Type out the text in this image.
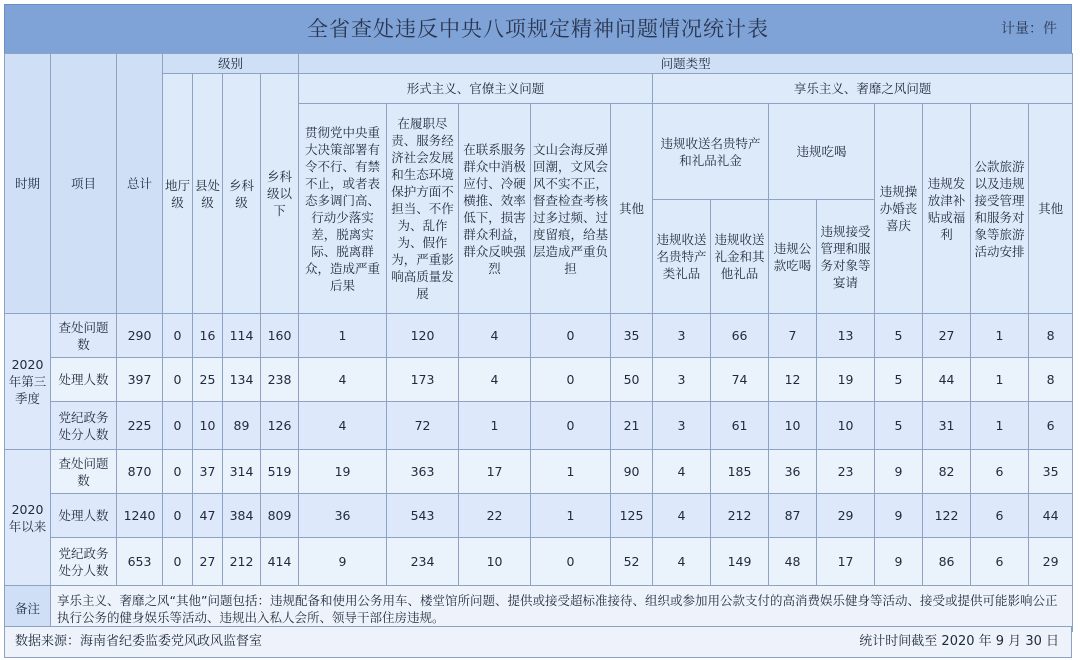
全省查处违反中央八项规定精神问题情况统计表	计量：件
时期	项目	总计	级别				问题类型												
			地厅级	县处级	乡科级	乡科级以下	形式主义、官僚主义问题					享乐主义、奢靡之风问题							
							贯彻党中央重大决策部署有令不行、有禁不止，或者表态多调门高、行动少落实差，脱离实际、脱离群众，造成严重后果	在履职尽责、服务经济社会发展和生态环境保护方面不担当、不作为、乱作为、假作为，严重影响高质量发展	在联系服务群众中消极应付、冷硬横推、效率低下，损害群众利益，群众反映强烈	文山会海反弹回潮，文风会风不实不正，督查检查考核过多过频、过度留痕，给基层造成严重负担	其他	违规收送名贵特产和礼品礼金		违规吃喝		违规操办婚丧喜庆	违规发放津补贴或福利	公款旅游以及违规接受管理和服务对象等旅游活动安排	其他
												违规收送名贵特产类礼品	违规收送礼金和其他礼品	违规公款吃喝	违规接受管理和服务对象等宴请				
2020年第三季度	查处问题数	290	0	16	114	160	1	120	4	0	35	3	66	7	13	5	27	1	8
	处理人数	397	0	25	134	238	4	173	4	0	50	3	74	12	19	5	44	1	8
	党纪政务处分人数	225	0	10	89	126	4	72	1	0	21	3	61	10	10	5	31	1	6
2020年以来	查处问题数	870	0	37	314	519	19	363	17	1	90	4	185	36	23	9	82	6	35
	处理人数	1240	0	47	384	809	36	543	22	1	125	4	212	87	29	9	122	6	44
	党纪政务处分人数	653	0	27	212	414	9	234	10	0	52	4	149	48	17	9	86	6	29
备注	享乐主义、奢靡之风“其他”问题包括：违规配备和使用公务用车、楼堂馆所问题、提供或接受超标准接待、组织或参加用公款支付的高消费娱乐健身等活动、接受或提供可能影响公正执行公务的健身娱乐等活动、违规出入私人会所、领导干部住房违规。																		
数据来源：海南省纪委监委党风政风监督室	统计时间截至 2020 年 9 月 30 日
